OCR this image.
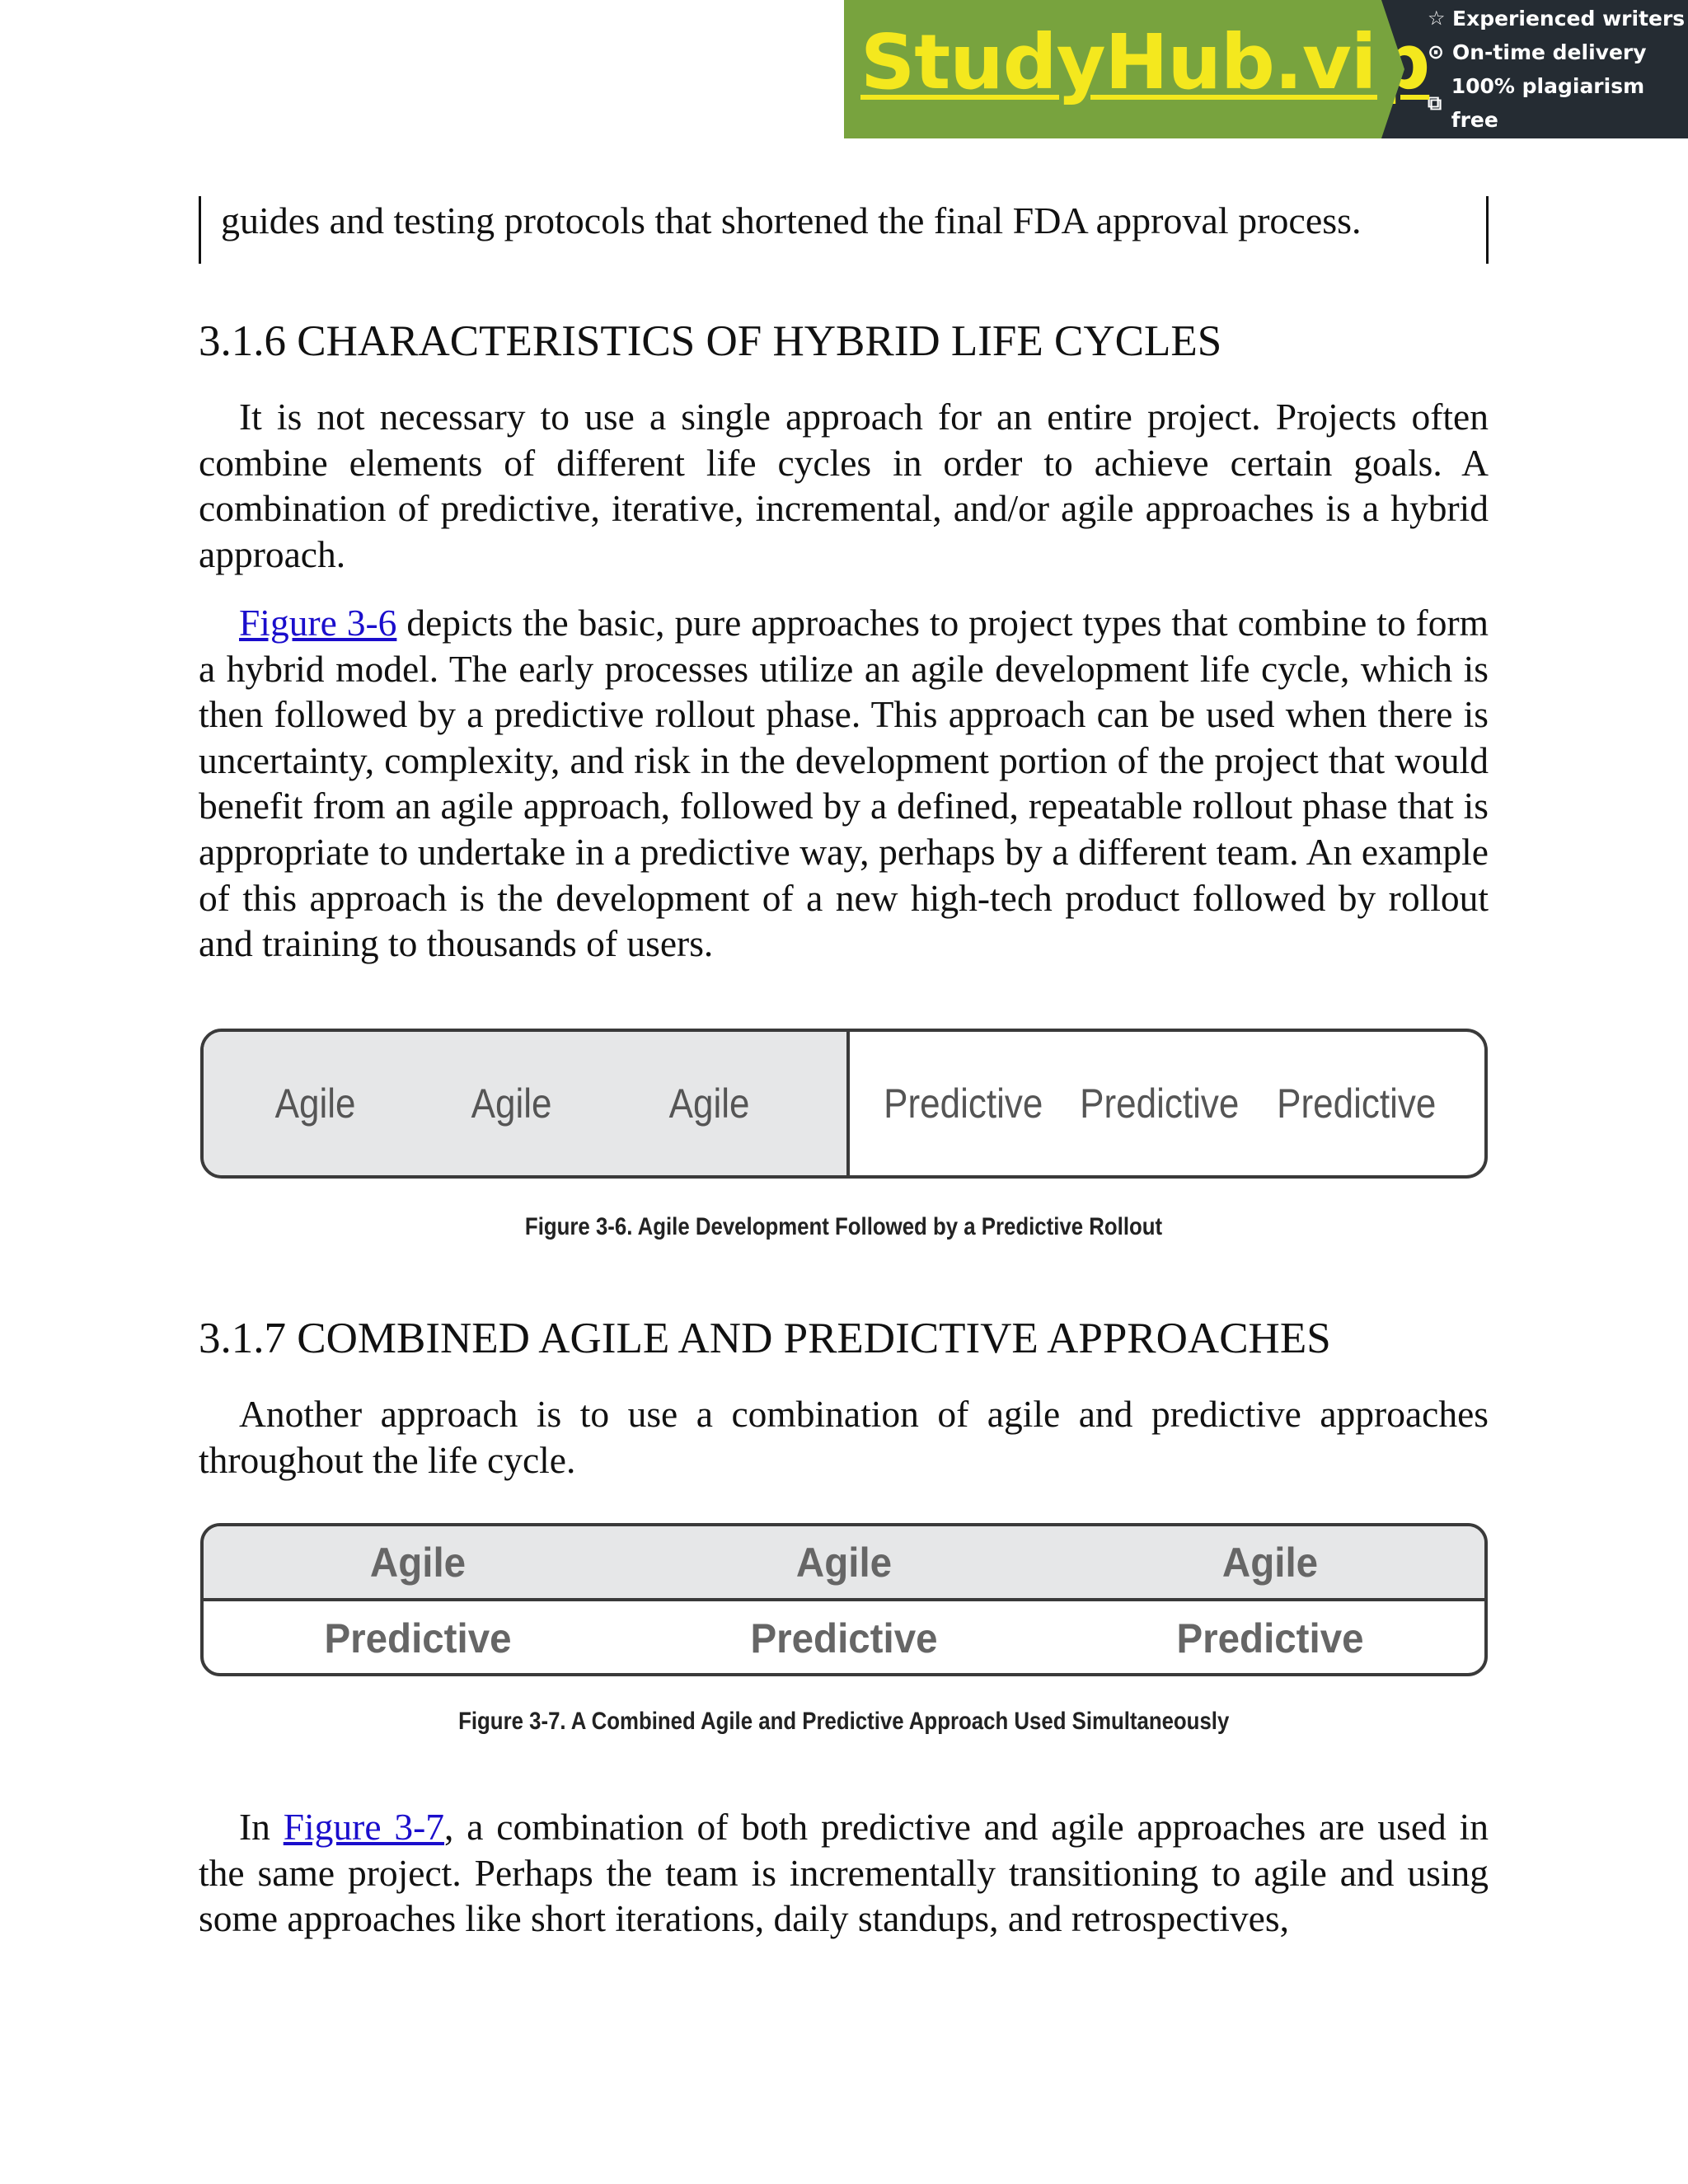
StudyHub.vip
☆ Experienced writers
⊙ On-time delivery
⧉
100% plagiarism free
guides and testing protocols that shortened the final FDA approval process.
3.1.6 CHARACTERISTICS OF HYBRID LIFE CYCLES

It is not necessary to use a single approach for an entire project. Projects often combine elements of different life cycles in order to achieve certain goals. A combination of predictive, iterative, incremental, and/or agile approaches is a hybrid approach.

Figure 3-6 depicts the basic, pure approaches to project types that combine to form a hybrid model. The early processes utilize an agile development life cycle, which is then followed by a predictive rollout phase. This approach can be used when there is uncertainty, complexity, and risk in the development portion of the project that would benefit from an agile approach, followed by a defined, repeatable rollout phase that is appropriate to undertake in a predictive way, perhaps by a different team. An example of this approach is the development of a new high-tech product followed by rollout and training to thousands of users.

3.1.7 COMBINED AGILE AND PREDICTIVE APPROACHES

Another approach is to use a combination of agile and predictive approaches throughout the life cycle.

In Figure 3-7, a combination of both predictive and agile approaches are used in the same project. Perhaps the team is incrementally transitioning to agile and using some approaches like short iterations, daily standups, and retrospectives,

Agile	Agile	Agile	Predictive Predictive Predictive
Figure 3-6. Agile Development Followed by a Predictive Rollout
Agile	Agile	Agile
Predictive	Predictive	Predictive
Figure 3-7. A Combined Agile and Predictive Approach Used Simultaneously
